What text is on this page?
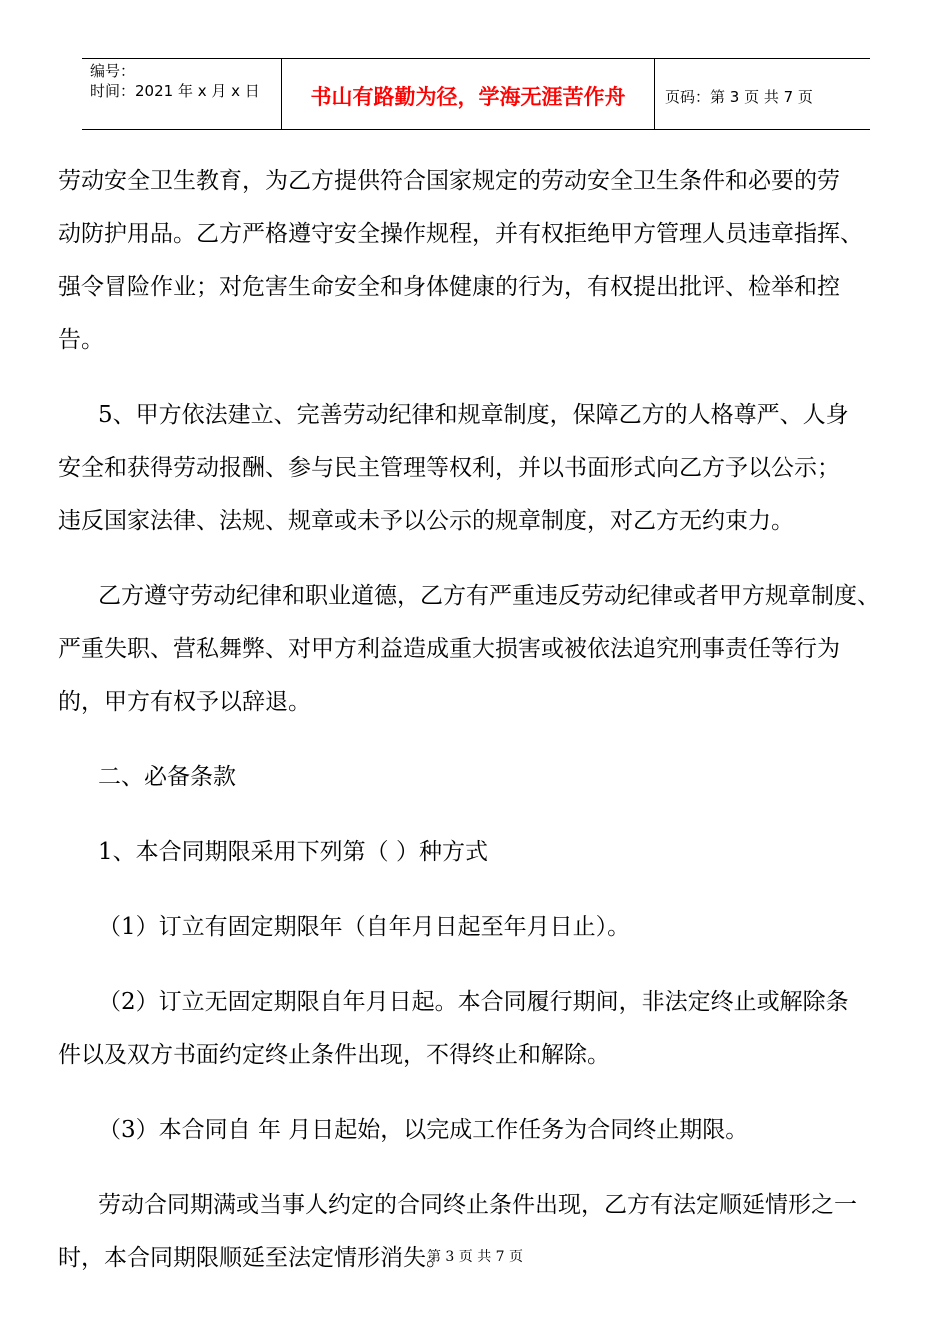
编号：
时间：2021 年 x 月 x 日	书山有路勤为径，学海无涯苦作舟	页码：第 3 页 共 7 页

劳动安全卫生教育，为乙方提供符合国家规定的劳动安全卫生条件和必要的劳
动防护用品。乙方严格遵守安全操作规程，并有权拒绝甲方管理人员违章指挥、
强令冒险作业；对危害生命安全和身体健康的行为，有权提出批评、检举和控
告。

5、甲方依法建立、完善劳动纪律和规章制度，保障乙方的人格尊严、人身
安全和获得劳动报酬、参与民主管理等权利，并以书面形式向乙方予以公示；
违反国家法律、法规、规章或未予以公示的规章制度，对乙方无约束力。

乙方遵守劳动纪律和职业道德，乙方有严重违反劳动纪律或者甲方规章制度、
严重失职、营私舞弊、对甲方利益造成重大损害或被依法追究刑事责任等行为
的，甲方有权予以辞退。

二、必备条款

1、本合同期限采用下列第（ ）种方式

（1）订立有固定期限年（自年月日起至年月日止）。

（2）订立无固定期限自年月日起。本合同履行期间，非法定终止或解除条
件以及双方书面约定终止条件出现，不得终止和解除。

（3）本合同自 年 月日起始，以完成工作任务为合同终止期限。

劳动合同期满或当事人约定的合同终止条件出现，乙方有法定顺延情形之一
时，本合同期限顺延至法定情形消失。

第 3 页 共 7 页
